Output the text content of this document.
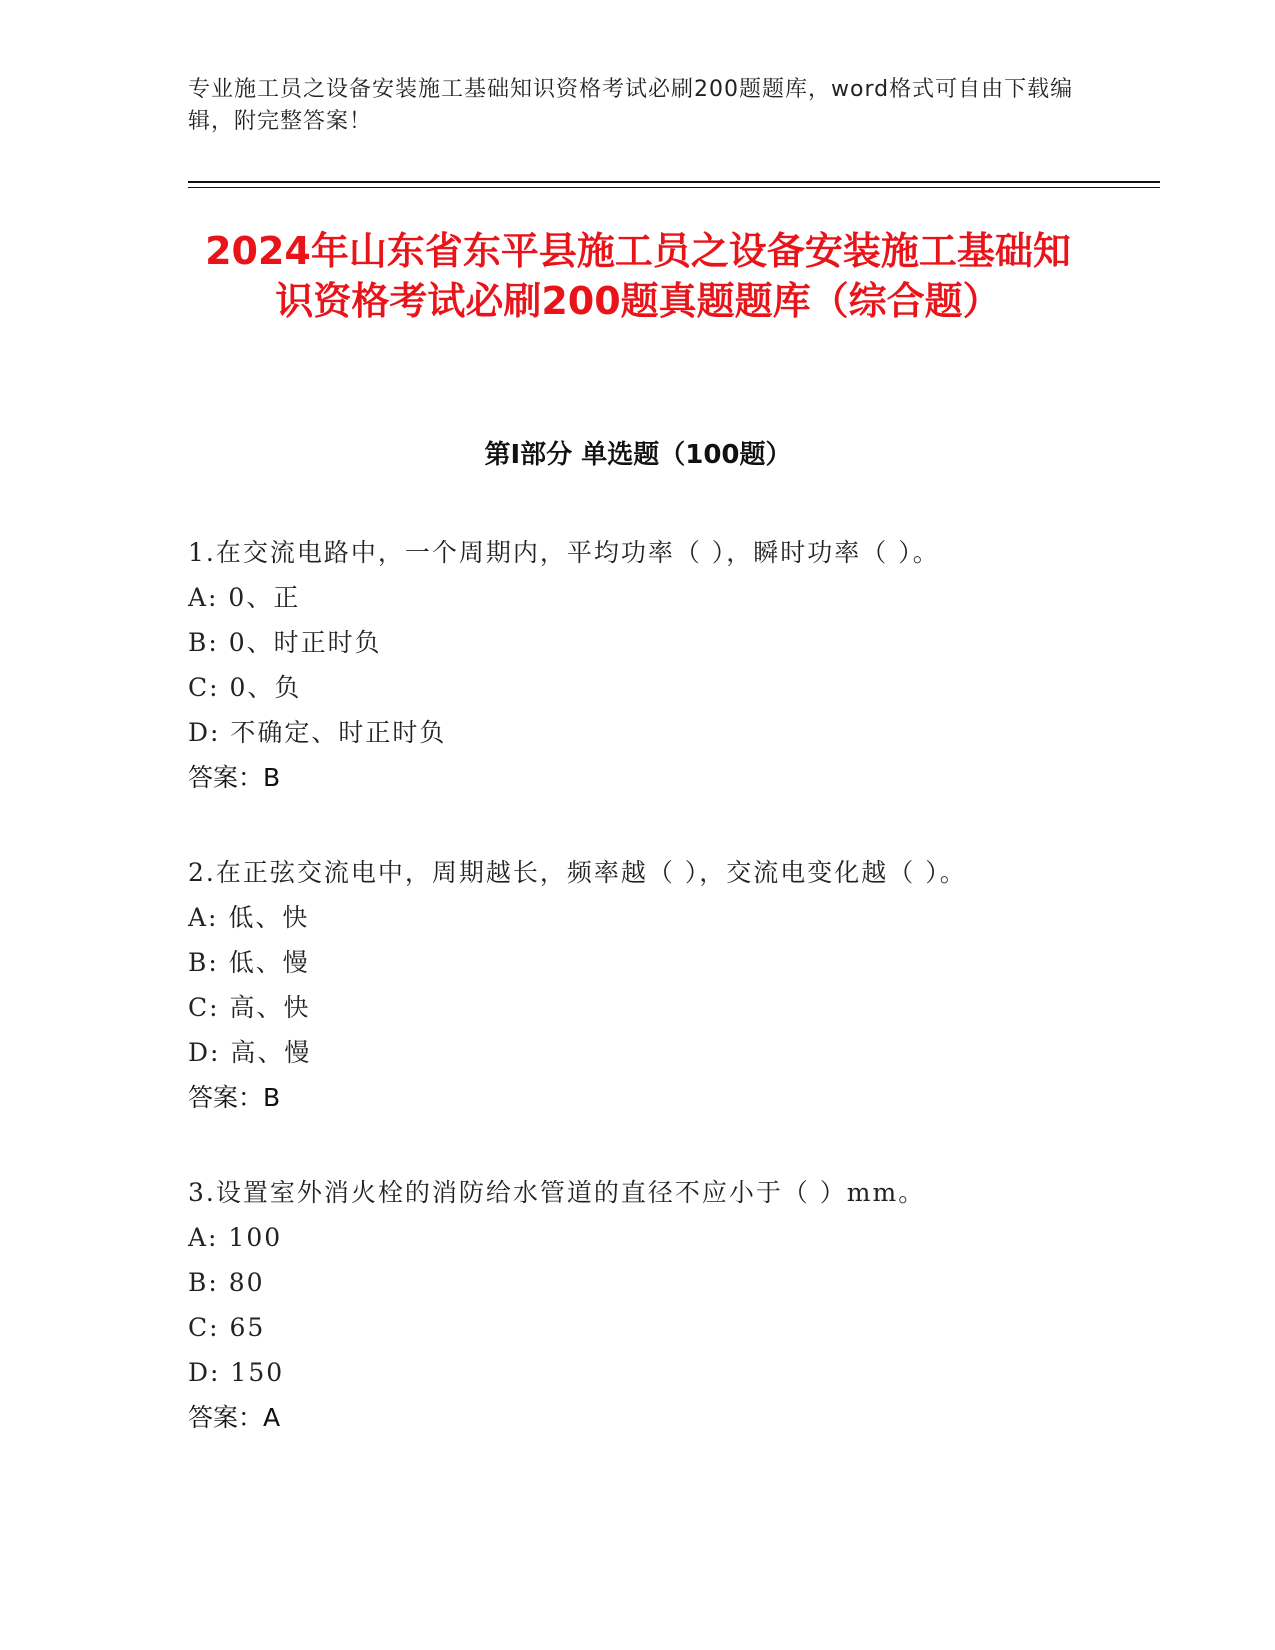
专业施工员之设备安装施工基础知识资格考试必刷200题题库，word格式可自由下载编辑，附完整答案！
2024年山东省东平县施工员之设备安装施工基础知识资格考试必刷200题真题题库（综合题）
第Ⅰ部分 单选题（100题）
1.在交流电路中，一个周期内，平均功率（ ），瞬时功率（ ）。
A: 0、正
B: 0、时正时负
C: 0、负
D: 不确定、时正时负
答案：B
2.在正弦交流电中，周期越长，频率越（ ），交流电变化越（ ）。
A: 低、快
B: 低、慢
C: 高、快
D: 高、慢
答案：B
3.设置室外消火栓的消防给水管道的直径不应小于（ ）mm。
A: 100
B: 80
C: 65
D: 150
答案：A
